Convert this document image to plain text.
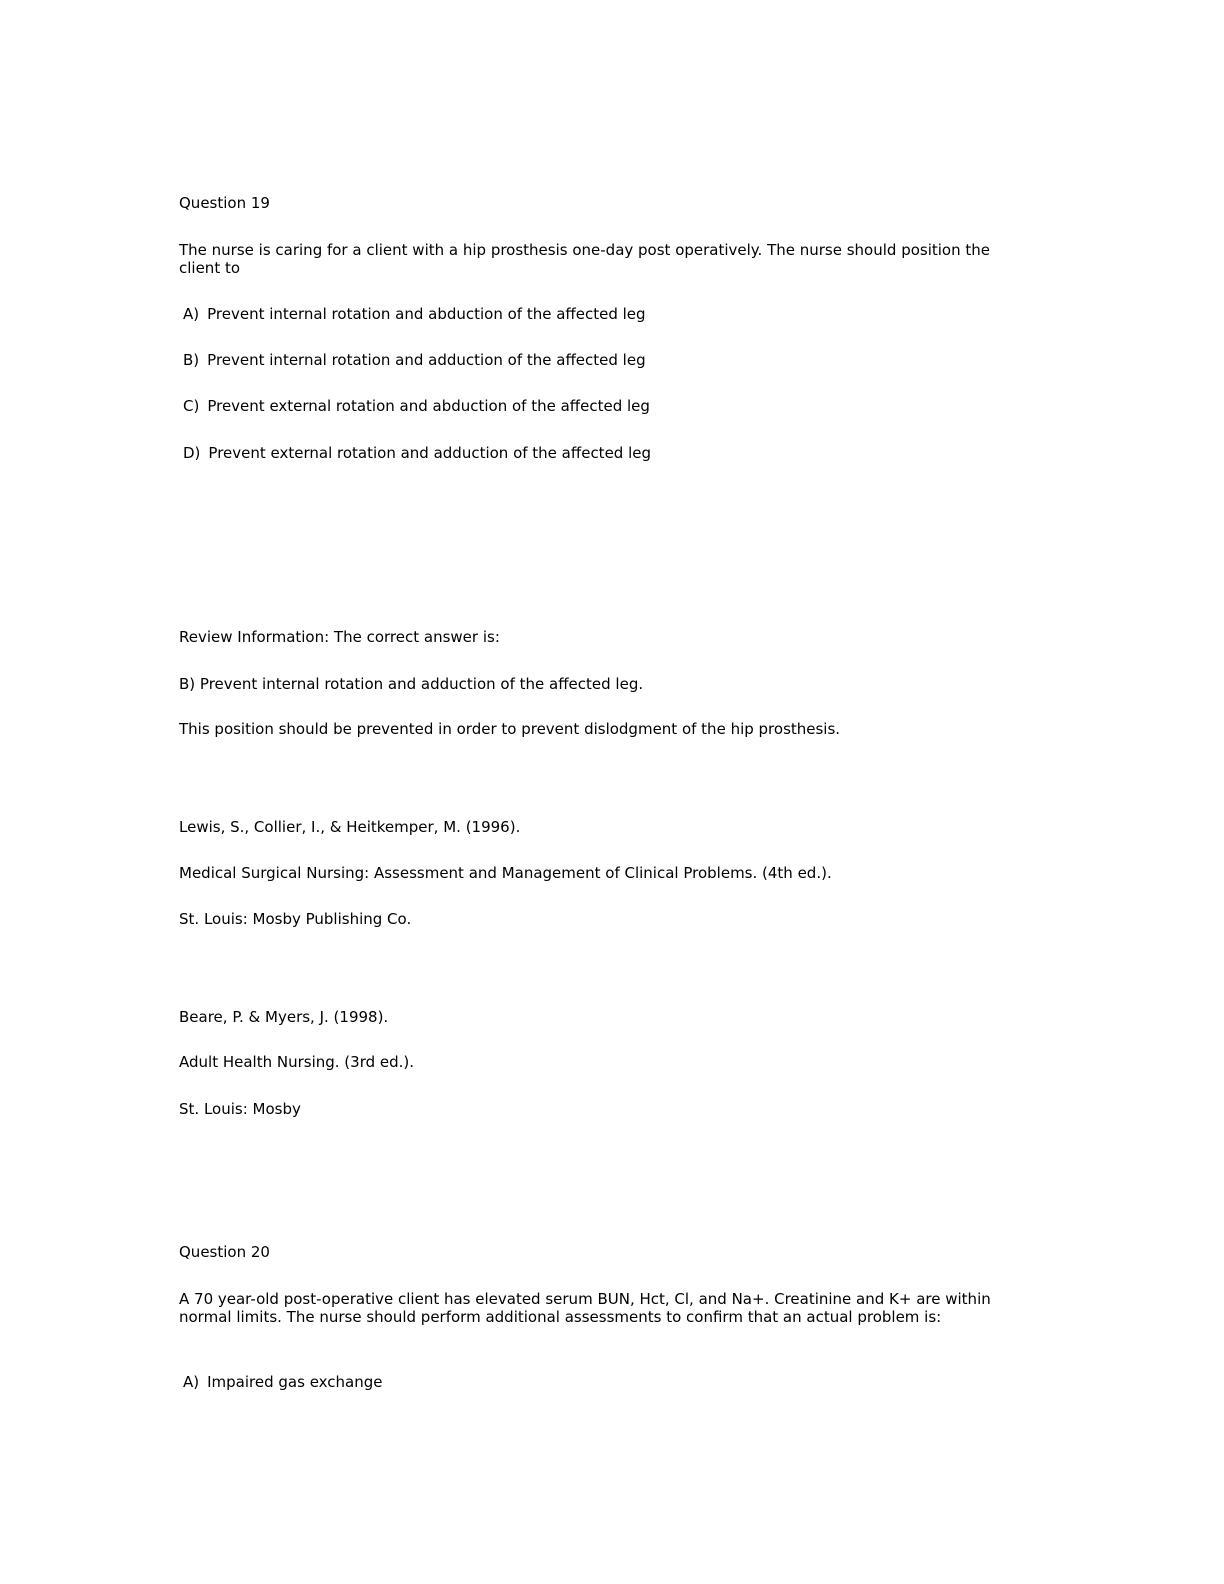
Question 19
The nurse is caring for a client with a hip prosthesis one-day post operatively. The nurse should position the client to
A) Prevent internal rotation and abduction of the affected leg
B) Prevent internal rotation and adduction of the affected leg
C) Prevent external rotation and abduction of the affected leg
D) Prevent external rotation and adduction of the affected leg
Review Information: The correct answer is:
B) Prevent internal rotation and adduction of the affected leg.
This position should be prevented in order to prevent dislodgment of the hip prosthesis.
Lewis, S., Collier, I., & Heitkemper, M. (1996).
Medical Surgical Nursing: Assessment and Management of Clinical Problems. (4th ed.).
St. Louis: Mosby Publishing Co.
Beare, P. & Myers, J. (1998).
Adult Health Nursing. (3rd ed.).
St. Louis: Mosby
Question 20
A 70 year-old post-operative client has elevated serum BUN, Hct, Cl, and Na+. Creatinine and K+ are within normal limits. The nurse should perform additional assessments to confirm that an actual problem is:
A) Impaired gas exchange
